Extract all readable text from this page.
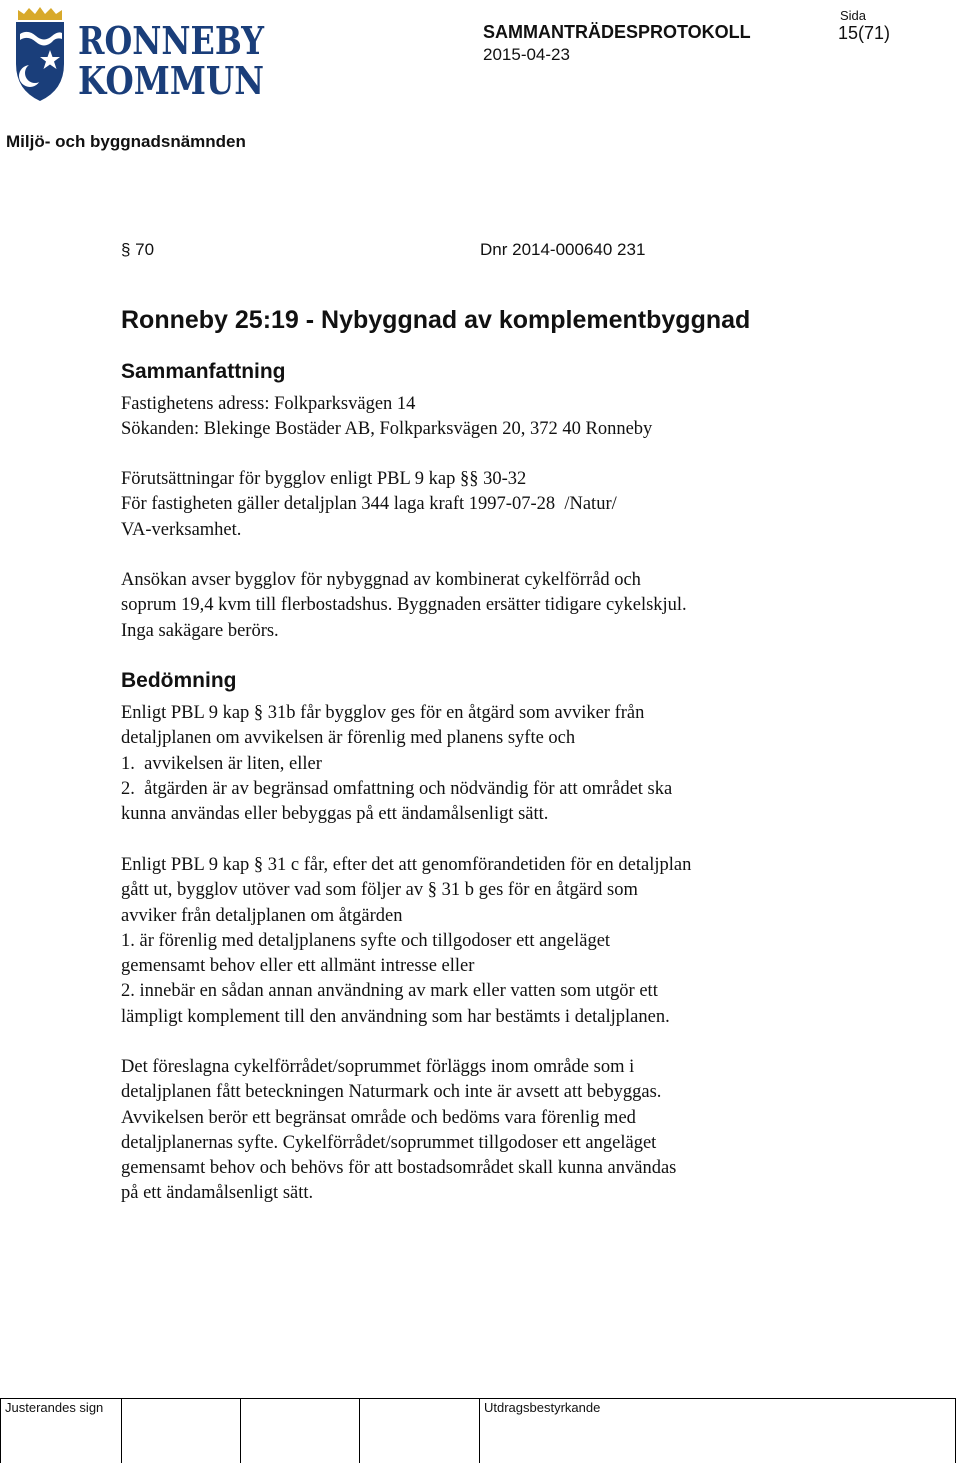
RONNEBY
KOMMUN
SAMMANTRÄDESPROTOKOLL
2015-04-23
Sida
15(71)
Miljö- och byggnadsnämnden
§ 70	Dnr 2014-000640 231
Ronneby 25:19 - Nybyggnad av komplementbyggnad
Sammanfattning
Fastighetens adress: Folkparksvägen 14
Sökanden: Blekinge Bostäder AB, Folkparksvägen 20, 372 40 Ronneby
Förutsättningar för bygglov enligt PBL 9 kap §§ 30-32
För fastigheten gäller detaljplan 344 laga kraft 1997-07-28  /Natur/
VA-verksamhet.
Ansökan avser bygglov för nybyggnad av kombinerat cykelförråd och
soprum 19,4 kvm till flerbostadshus. Byggnaden ersätter tidigare cykelskjul.
Inga sakägare berörs.
Bedömning
Enligt PBL 9 kap § 31b får bygglov ges för en åtgärd som avviker från
detaljplanen om avvikelsen är förenlig med planens syfte och
1.  avvikelsen är liten, eller
2.  åtgärden är av begränsad omfattning och nödvändig för att området ska
kunna användas eller bebyggas på ett ändamålsenligt sätt.
Enligt PBL 9 kap § 31 c får, efter det att genomförandetiden för en detaljplan
gått ut, bygglov utöver vad som följer av § 31 b ges för en åtgärd som
avviker från detaljplanen om åtgärden
1. är förenlig med detaljplanens syfte och tillgodoser ett angeläget
gemensamt behov eller ett allmänt intresse eller
2. innebär en sådan annan användning av mark eller vatten som utgör ett
lämpligt komplement till den användning som har bestämts i detaljplanen.
Det föreslagna cykelförrådet/soprummet förläggs inom område som i
detaljplanen fått beteckningen Naturmark och inte är avsett att bebyggas.
Avvikelsen berör ett begränsat område och bedöms vara förenlig med
detaljplanernas syfte. Cykelförrådet/soprummet tillgodoser ett angeläget
gemensamt behov och behövs för att bostadsområdet skall kunna användas
på ett ändamålsenligt sätt.
Justerandes sign	Utdragsbestyrkande
